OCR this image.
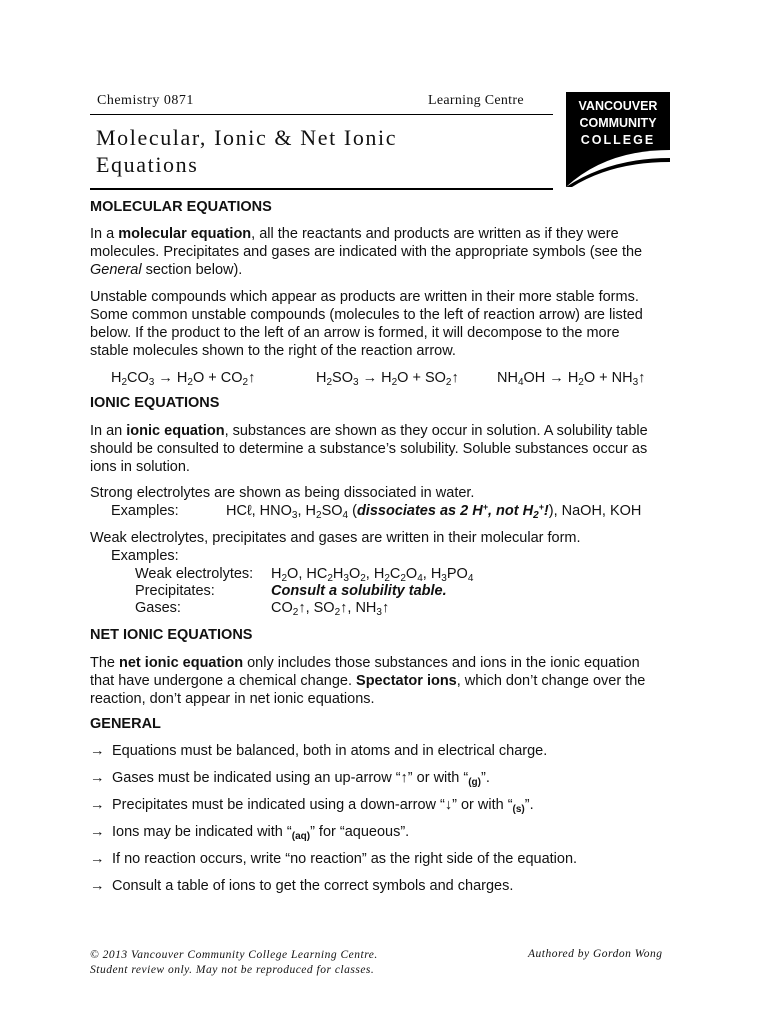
Chemistry 0871	Learning Centre
Molecular, Ionic & Net Ionic
Equations
VANCOUVER
COMMUNITY
COLLEGE
MOLECULAR EQUATIONS
In a molecular equation, all the reactants and products are written as if they were
molecules. Precipitates and gases are indicated with the appropriate symbols (see the
General section below).
Unstable compounds which appear as products are written in their more stable forms.
Some common unstable compounds (molecules to the left of reaction arrow) are listed
below. If the product to the left of an arrow is formed, it will decompose to the more
stable molecules shown to the right of the reaction arrow.
$H_2CO_3 \to H_2O$ + $CO_2↑$	$H_2SO_3 \to H_2O$ + $SO_2↑$	$NH_4OH \to H_2O$ + $NH_3↑$
IONIC EQUATIONS
In an ionic equation, substances are shown as they occur in solution. A solubility table
should be consulted to determine a substance’s solubility. Soluble substances occur as
ions in solution.
Strong electrolytes are shown as being dissociated in water.
Examples:	HCℓ, $HNO_3$, $H_2SO_4$ (dissociates as 2 H+, not $H_2^+$!), NaOH, KOH
Weak electrolytes, precipitates and gases are written in their molecular form.
Examples:
Weak electrolytes: $H_2O$, $HC_2H_3O_2$, $H_2C_2O_4$, $H_3PO_4$
Precipitates:	Consult a solubility table.
Gases:	$CO_2↑$, $SO_2↑$, $NH_3↑$
NET IONIC EQUATIONS
The net ionic equation only includes those substances and ions in the ionic equation
that have undergone a chemical change. Spectator ions, which don’t change over the
reaction, don’t appear in net ionic equations.
GENERAL
→ Equations must be balanced, both in atoms and in electrical charge.
→ Gases must be indicated using an up-arrow “↑” or with “$_{(g)}$”.
→ Precipitates must be indicated using a down-arrow “↓” or with “$_{(s)}$”.
→ Ions may be indicated with “$_{(aq)}$” for “aqueous”.
→ If no reaction occurs, write “no reaction” as the right side of the equation.
→ Consult a table of ions to get the correct symbols and charges.
© 2013 Vancouver Community College Learning Centre.
Student review only. May not be reproduced for classes.
Authored by Gordon Wong
